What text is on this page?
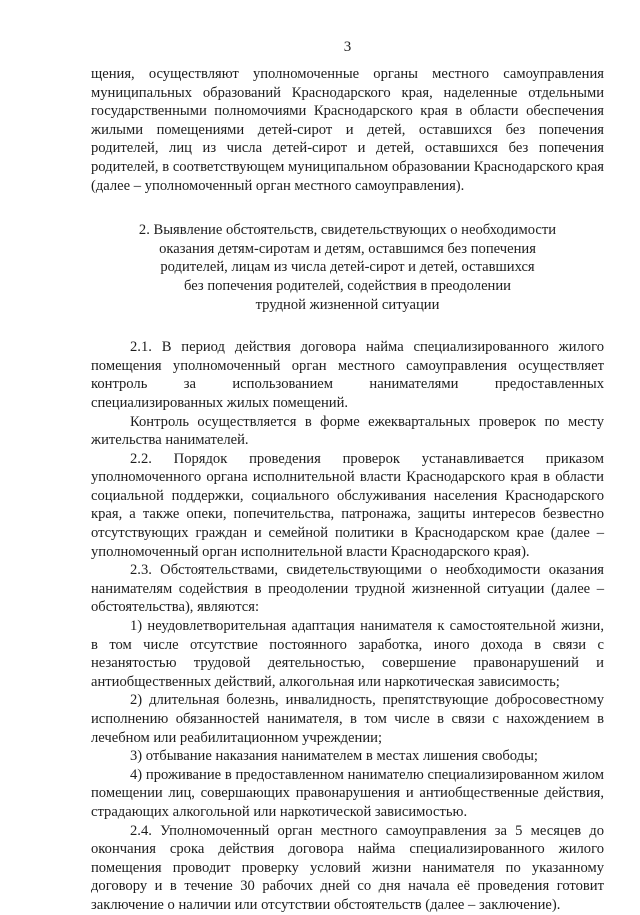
3

щения, осуществляют уполномоченные органы местного самоуправления муниципальных образований Краснодарского края, наделенные отдельными государственными полномочиями Краснодарского края в области обеспечения жилыми помещениями детей-сирот и детей, оставшихся без попечения родителей, лиц из числа детей-сирот и детей, оставшихся без попечения родителей, в соответствующем муниципальном образовании Краснодарского края (далее – уполномоченный орган местного самоуправления).

2. Выявление обстоятельств, свидетельствующих о необходимости

оказания детям-сиротам и детям, оставшимся без попечения

родителей, лицам из числа детей-сирот и детей, оставшихся

без попечения родителей, содействия в преодолении

трудной жизненной ситуации

2.1. В период действия договора найма специализированного жилого помещения уполномоченный орган местного самоуправления осуществляет контроль за использованием нанимателями предоставленных специализированных жилых помещений.

Контроль осуществляется в форме ежеквартальных проверок по месту жительства нанимателей.

2.2. Порядок проведения проверок устанавливается приказом уполномоченного органа исполнительной власти Краснодарского края в области социальной поддержки, социального обслуживания населения Краснодарского края, а также опеки, попечительства, патронажа, защиты интересов безвестно отсутствующих граждан и семейной политики в Краснодарском крае (далее – уполномоченный орган исполнительной власти Краснодарского края).

2.3. Обстоятельствами, свидетельствующими о необходимости оказания нанимателям содействия в преодолении трудной жизненной ситуации (далее – обстоятельства), являются:

1) неудовлетворительная адаптация нанимателя к самостоятельной жизни, в том числе отсутствие постоянного заработка, иного дохода в связи с незанятостью трудовой деятельностью, совершение правонарушений и антиобщественных действий, алкогольная или наркотическая зависимость;

2) длительная болезнь, инвалидность, препятствующие добросовестному исполнению обязанностей нанимателя, в том числе в связи с нахождением в лечебном или реабилитационном учреждении;

3) отбывание наказания нанимателем в местах лишения свободы;

4) проживание в предоставленном нанимателю специализированном жилом помещении лиц, совершающих правонарушения и антиобщественные действия, страдающих алкогольной или наркотической зависимостью.

2.4. Уполномоченный орган местного самоуправления за 5 месяцев до окончания срока действия договора найма специализированного жилого помещения проводит проверку условий жизни нанимателя по указанному договору и в течение 30 рабочих дней со дня начала её проведения готовит заключение о наличии или отсутствии обстоятельств (далее – заключение).
